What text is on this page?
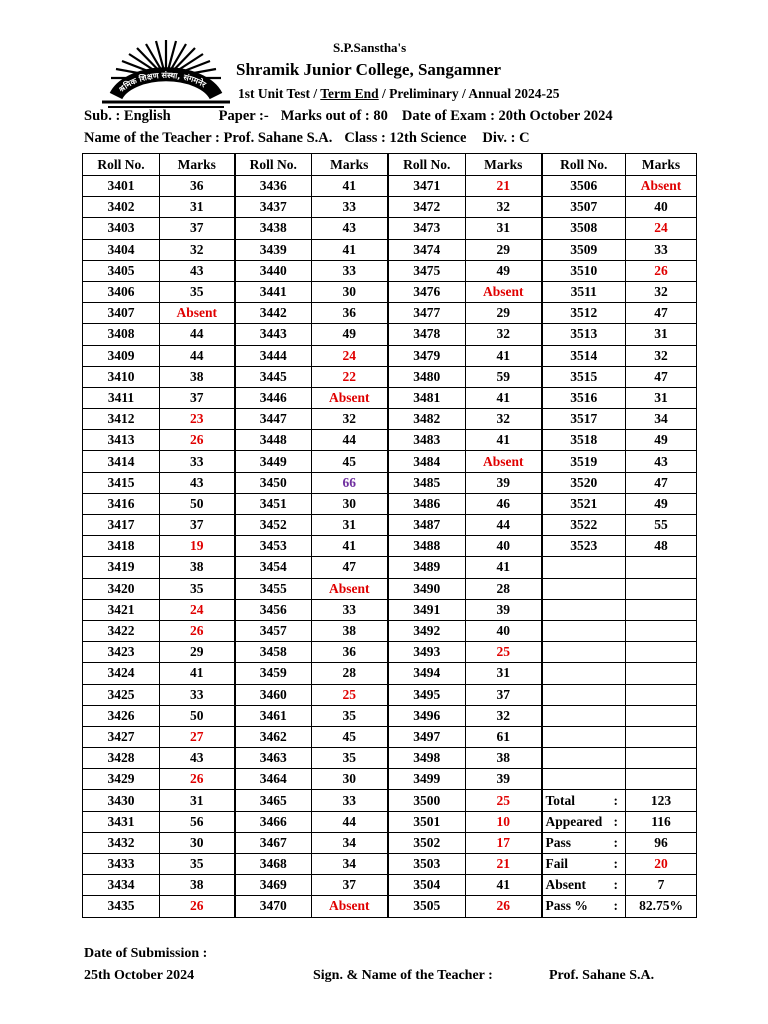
श्रमिक शिक्षण संस्था, संगमनेर
S.P.Sanstha's
Shramik Junior College, Sangamner
1st Unit Test / Term End / Preliminary / Annual 2024-25
Sub. : English	Paper :- Marks out of : 80 Date of Exam : 20th October 2024
Name of the Teacher : Prof. Sahane S.A. Class : 12th Science Div. : C
Roll No.	Marks	Roll No.	Marks	Roll No.	Marks	Roll No.	Marks
3401	36	3436	41	3471	21	3506	Absent
3402	31	3437	33	3472	32	3507	40
3403	37	3438	43	3473	31	3508	24
3404	32	3439	41	3474	29	3509	33
3405	43	3440	33	3475	49	3510	26
3406	35	3441	30	3476	Absent	3511	32
3407	Absent	3442	36	3477	29	3512	47
3408	44	3443	49	3478	32	3513	31
3409	44	3444	24	3479	41	3514	32
3410	38	3445	22	3480	59	3515	47
3411	37	3446	Absent	3481	41	3516	31
3412	23	3447	32	3482	32	3517	34
3413	26	3448	44	3483	41	3518	49
3414	33	3449	45	3484	Absent	3519	43
3415	43	3450	66	3485	39	3520	47
3416	50	3451	30	3486	46	3521	49
3417	37	3452	31	3487	44	3522	55
3418	19	3453	41	3488	40	3523	48
3419	38	3454	47	3489	41		
3420	35	3455	Absent	3490	28		
3421	24	3456	33	3491	39		
3422	26	3457	38	3492	40		
3423	29	3458	36	3493	25		
3424	41	3459	28	3494	31		
3425	33	3460	25	3495	37		
3426	50	3461	35	3496	32		
3427	27	3462	45	3497	61		
3428	43	3463	35	3498	38		
3429	26	3464	30	3499	39		
3430	31	3465	33	3500	25	Total :	123
3431	56	3466	44	3501	10	Appeared :	116
3432	30	3467	34	3502	17	Pass :	96
3433	35	3468	34	3503	21	Fail :	20
3434	38	3469	37	3504	41	Absent :	7
3435	26	3470	Absent	3505	26	Pass % :	82.75%
Date of Submission :
25th October 2024	Sign. & Name of the Teacher :	Prof. Sahane S.A.
